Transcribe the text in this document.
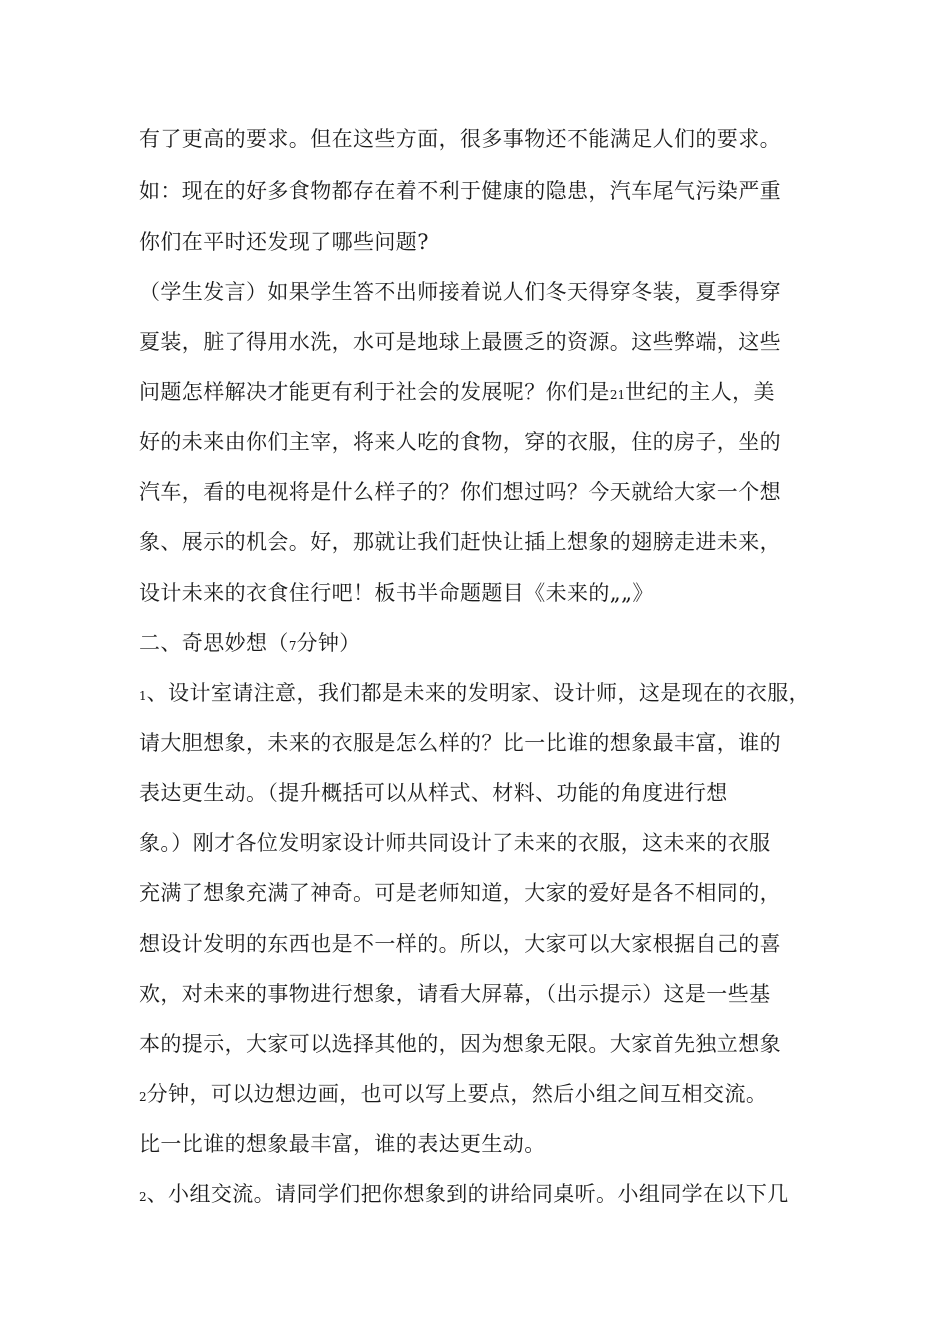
有了更高的要求。但在这些方面，很多事物还不能满足人们的要求。
如：现在的好多食物都存在着不利于健康的隐患，汽车尾气污染严重
你们在平时还发现了哪些问题?
（学生发言）如果学生答不出师接着说人们冬天得穿冬装，夏季得穿
夏装，脏了得用水洗，水可是地球上最匮乏的资源。这些弊端，这些
问题怎样解决才能更有利于社会的发展呢？你们是21世纪的主人，美
好的未来由你们主宰，将来人吃的食物，穿的衣服，住的房子，坐的
汽车，看的电视将是什么样子的？你们想过吗？今天就给大家一个想
象、展示的机会。好，那就让我们赶快让插上想象的翅膀走进未来，
设计未来的衣食住行吧！板书半命题题目《未来的„„》
二、奇思妙想（7分钟）
1、设计室请注意，我们都是未来的发明家、设计师，这是现在的衣服，
请大胆想象，未来的衣服是怎么样的？比一比谁的想象最丰富，谁的
表达更生动。（提升概括可以从样式、材料、功能的角度进行想
象。）刚才各位发明家设计师共同设计了未来的衣服，这未来的衣服
充满了想象充满了神奇。可是老师知道，大家的爱好是各不相同的，
想设计发明的东西也是不一样的。所以，大家可以大家根据自己的喜
欢，对未来的事物进行想象，请看大屏幕，（出示提示）这是一些基
本的提示，大家可以选择其他的，因为想象无限。大家首先独立想象
2分钟，可以边想边画，也可以写上要点，然后小组之间互相交流。
比一比谁的想象最丰富，谁的表达更生动。
2、小组交流。请同学们把你想象到的讲给同桌听。小组同学在以下几
